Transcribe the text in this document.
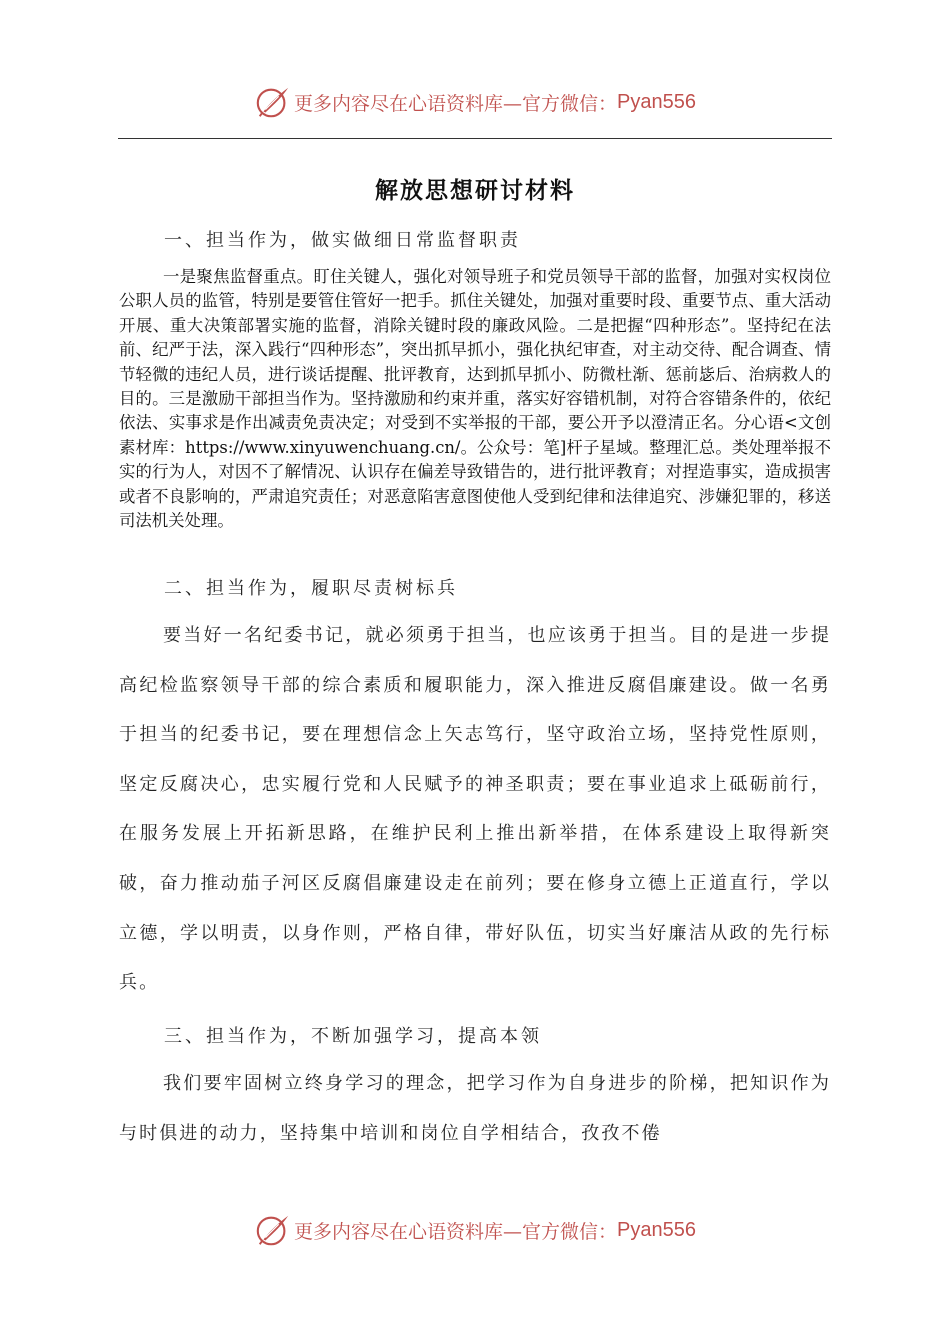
更多内容尽在心语资料库—官方微信： Pyan556
解放思想研讨材料
一、担当作为，做实做细日常监督职责
一是聚焦监督重点。盯住关键人，强化对领导班子和党员领导干部的监督，加强对实权岗位公职人员的监管，特别是要管住管好一把手。抓住关键处，加强对重要时段、重要节点、重大活动开展、重大决策部署实施的监督，消除关键时段的廉政风险。二是把握“四种形态”。坚持纪在法前、纪严于法，深入践行“四种形态”，突出抓早抓小，强化执纪审查，对主动交待、配合调查、情节轻微的违纪人员，进行谈话提醒、批评教育，达到抓早抓小、防微杜渐、惩前毖后、治病救人的目的。三是激励干部担当作为。坚持激励和约束并重，落实好容错机制，对符合容错条件的，依纪依法、实事求是作出减责免责决定；对受到不实举报的干部，要公开予以澄清正名。分心语<文创素材库：https://www.xinyuwenchuang.cn/。公众号：笔]杆子星域。整理汇总。类处理举报不实的行为人，对因不了解情况、认识存在偏差导致错告的，进行批评教育；对捏造事实，造成损害或者不良影响的，严肃追究责任；对恶意陷害意图使他人受到纪律和法律追究、涉嫌犯罪的，移送司法机关处理。
二、担当作为，履职尽责树标兵
要当好一名纪委书记，就必须勇于担当，也应该勇于担当。目的是进一步提高纪检监察领导干部的综合素质和履职能力，深入推进反腐倡廉建设。做一名勇于担当的纪委书记，要在理想信念上矢志笃行，坚守政治立场，坚持党性原则，坚定反腐决心，忠实履行党和人民赋予的神圣职责；要在事业追求上砥砺前行，在服务发展上开拓新思路，在维护民利上推出新举措，在体系建设上取得新突破，奋力推动茄子河区反腐倡廉建设走在前列；要在修身立德上正道直行，学以立德，学以明责，以身作则，严格自律，带好队伍，切实当好廉洁从政的先行标兵。
三、担当作为，不断加强学习，提高本领
我们要牢固树立终身学习的理念，把学习作为自身进步的阶梯，把知识作为与时俱进的动力，坚持集中培训和岗位自学相结合，孜孜不倦
更多内容尽在心语资料库—官方微信： Pyan556
